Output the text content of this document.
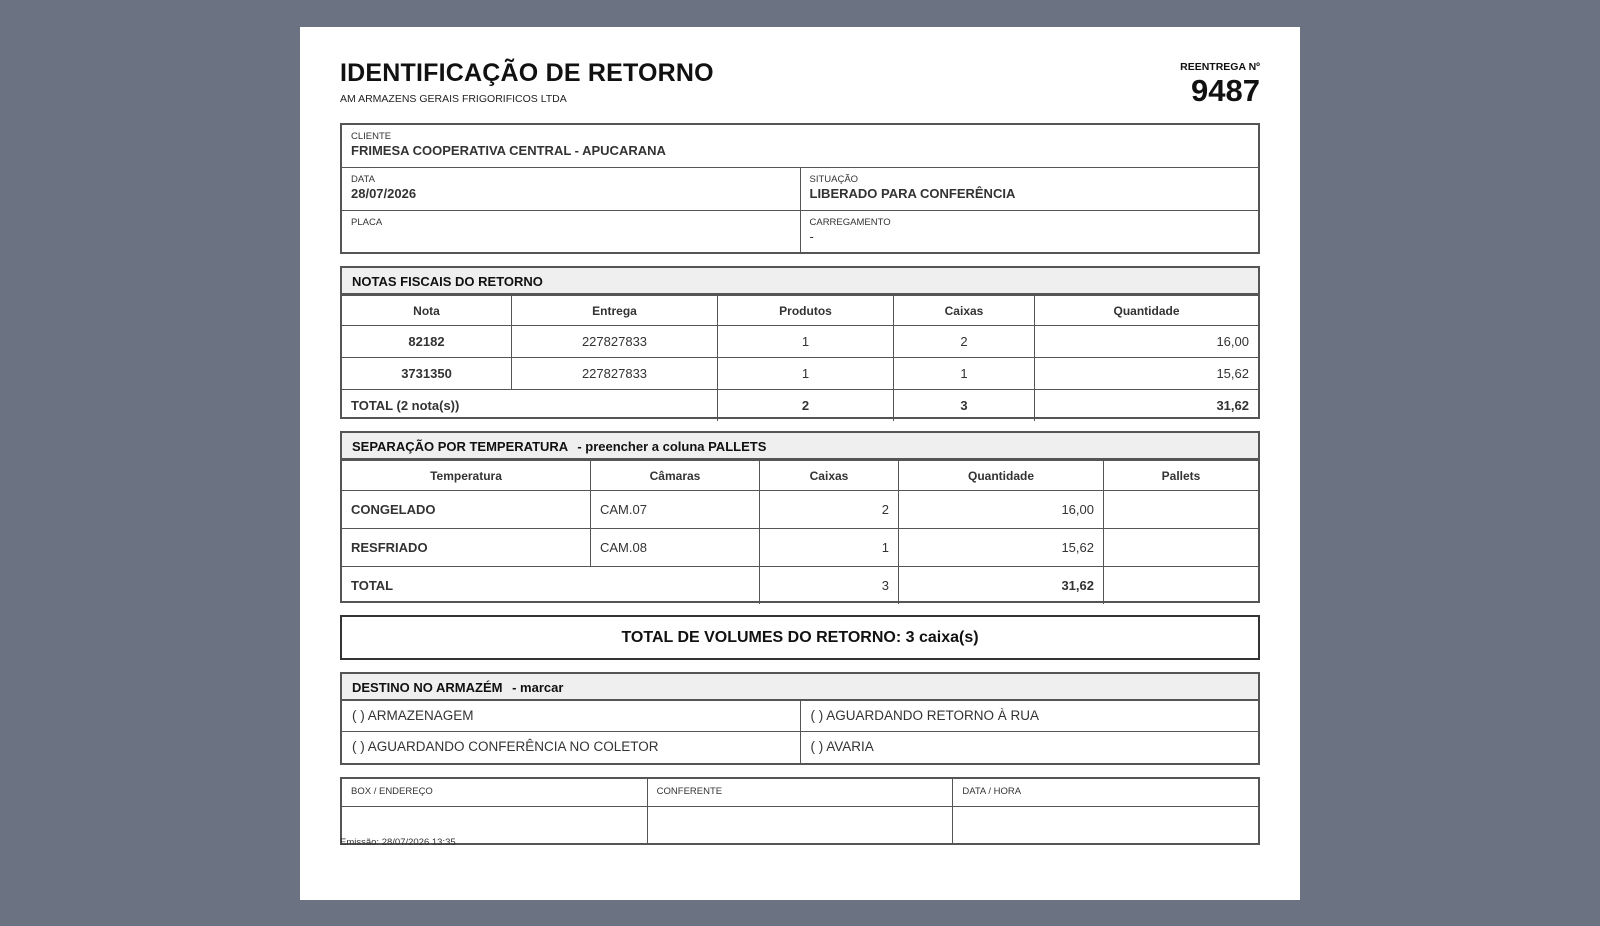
IDENTIFICAÇÃO DE RETORNO
AM ARMAZENS GERAIS FRIGORIFICOS LTDA
REENTREGA Nº
9487
CLIENTE
FRIMESA COOPERATIVA CENTRAL - APUCARANA
DATA
28/07/2026
SITUAÇÃO
LIBERADO PARA CONFERÊNCIA
PLACA	CARREGAMENTO
-
NOTAS FISCAIS DO RETORNO
Nota	Entrega	Produtos	Caixas	Quantidade
82182	227827833	1	2	16,00
3731350	227827833	1	1	15,62
TOTAL (2 nota(s))		2	3	31,62
SEPARAÇÃO POR TEMPERATURA - preencher a coluna PALLETS
Temperatura	Câmaras	Caixas	Quantidade	Pallets
CONGELADO	CAM.07	2	16,00	
RESFRIADO	CAM.08	1	15,62	
TOTAL		3	31,62	
TOTAL DE VOLUMES DO RETORNO: 3 caixa(s)
DESTINO NO ARMAZÉM - marcar
( ) ARMAZENAGEM	( ) AGUARDANDO RETORNO À RUA
( ) AGUARDANDO CONFERÊNCIA NO COLETOR	( ) AVARIA
BOX / ENDEREÇO	CONFERENTE	DATA / HORA
Emissão: 28/07/2026 13:35
